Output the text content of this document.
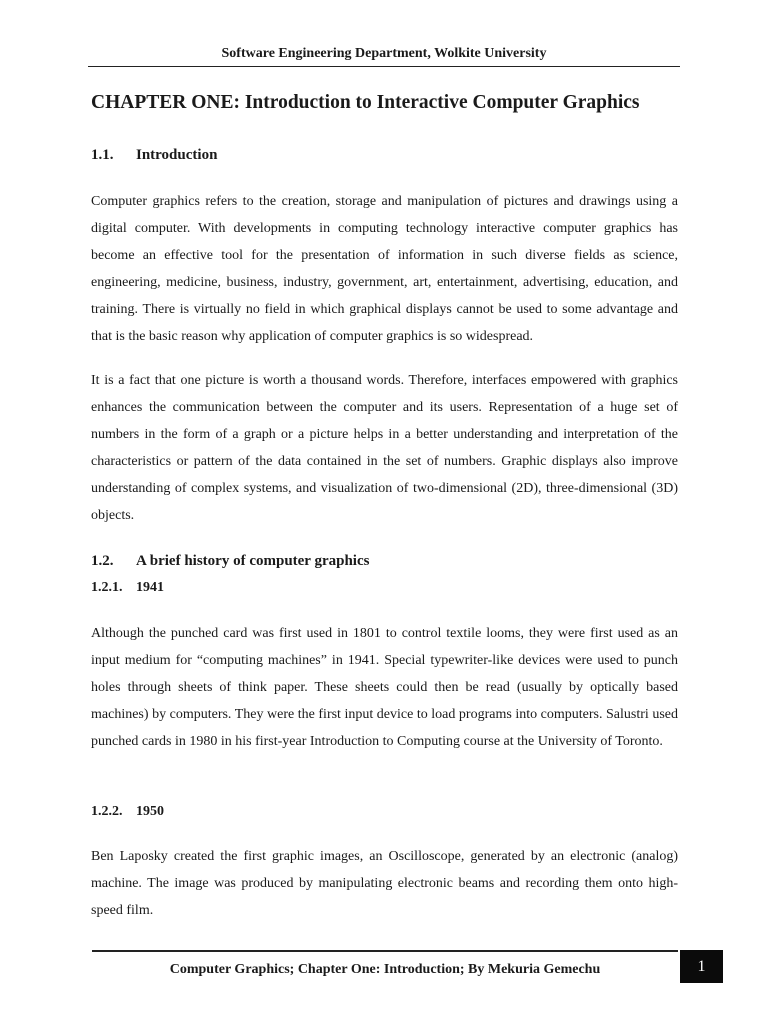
Software Engineering Department, Wolkite University
CHAPTER ONE: Introduction to Interactive Computer Graphics
1.1. Introduction

Computer graphics refers to the creation, storage and manipulation of pictures and drawings using a digital computer. With developments in computing technology interactive computer graphics has become an effective tool for the presentation of information in such diverse fields as science, engineering, medicine, business, industry, government, art, entertainment, advertising, education, and training. There is virtually no field in which graphical displays cannot be used to some advantage and that is the basic reason why application of computer graphics is so widespread.

It is a fact that one picture is worth a thousand words. Therefore, interfaces empowered with graphics enhances the communication between the computer and its users. Representation of a huge set of numbers in the form of a graph or a picture helps in a better understanding and interpretation of the characteristics or pattern of the data contained in the set of numbers. Graphic displays also improve understanding of complex systems, and visualization of two-dimensional (2D), three-dimensional (3D) objects.

1.2. A brief history of computer graphics
1.2.1. 1941

Although the punched card was first used in 1801 to control textile looms, they were first used as an input medium for “computing machines” in 1941. Special typewriter-like devices were used to punch holes through sheets of think paper. These sheets could then be read (usually by optically based machines) by computers. They were the first input device to load programs into computers. Salustri used punched cards in 1980 in his first-year Introduction to Computing course at the University of Toronto.

1.2.2. 1950

Ben Laposky created the first graphic images, an Oscilloscope, generated by an electronic (analog) machine. The image was produced by manipulating electronic beams and recording them onto high-speed film.

Computer Graphics; Chapter One: Introduction; By Mekuria Gemechu	1
